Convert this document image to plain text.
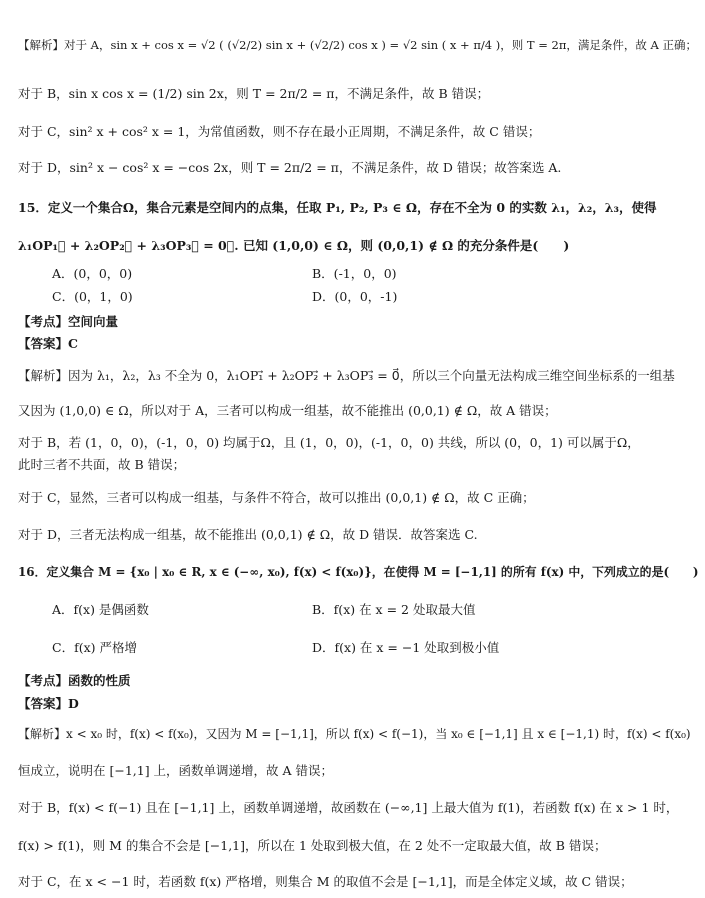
【解析】对于 A，sin x + cos x = √2 ( (√2/2) sin x + (√2/2) cos x ) = √2 sin ( x + π/4 )，则 T = 2π，满足条件，故 A 正确；
对于 B，sin x cos x = (1/2) sin 2x，则 T = 2π/2 = π，不满足条件，故 B 错误；
对于 C，sin² x + cos² x = 1，为常值函数，则不存在最小正周期，不满足条件，故 C 错误；
对于 D，sin² x − cos² x = −cos 2x，则 T = 2π/2 = π，不满足条件，故 D 错误；故答案选 A.
15．定义一个集合Ω，集合元素是空间内的点集，任取 P₁, P₂, P₃ ∈ Ω，存在不全为 0 的实数 λ₁，λ₂，λ₃，使得
λ₁OP₁⃗ + λ₂OP₂⃗ + λ₃OP₃⃗ = 0⃗. 已知 (1,0,0) ∈ Ω，则 (0,0,1) ∉ Ω 的充分条件是(　　)
A．(0，0，0)	B．(-1，0，0)
C．(0，1，0)	D．(0，0，-1)
【考点】空间向量
【答案】C
【解析】因为 λ₁，λ₂，λ₃ 不全为 0，λ₁OP₁⃗ + λ₂OP₂⃗ + λ₃OP₃⃗ = 0⃗，所以三个向量无法构成三维空间坐标系的一组基
又因为 (1,0,0) ∈ Ω，所以对于 A，三者可以构成一组基，故不能推出 (0,0,1) ∉ Ω，故 A 错误；
对于 B，若 (1，0，0)，(-1，0，0) 均属于Ω，且 (1，0，0)，(-1，0，0) 共线，所以 (0，0，1) 可以属于Ω，
此时三者不共面，故 B 错误；
对于 C，显然，三者可以构成一组基，与条件不符合，故可以推出 (0,0,1) ∉ Ω，故 C 正确；
对于 D，三者无法构成一组基，故不能推出 (0,0,1) ∉ Ω，故 D 错误．故答案选 C.
16．定义集合 M = {x₀ | x₀ ∈ R, x ∈ (−∞, x₀), f(x) < f(x₀)}，在使得 M = [−1,1] 的所有 f(x) 中，下列成立的是(　　)
A．f(x) 是偶函数	B．f(x) 在 x = 2 处取最大值
C．f(x) 严格增	D．f(x) 在 x = −1 处取到极小值
【考点】函数的性质
【答案】D
【解析】x < x₀ 时，f(x) < f(x₀)，又因为 M = [−1,1]，所以 f(x) < f(−1)，当 x₀ ∈ [−1,1] 且 x ∈ [−1,1) 时，f(x) < f(x₀)
恒成立，说明在 [−1,1] 上，函数单调递增，故 A 错误；
对于 B，f(x) < f(−1) 且在 [−1,1] 上，函数单调递增，故函数在 (−∞,1] 上最大值为 f(1)，若函数 f(x) 在 x > 1 时，
f(x) > f(1)，则 M 的集合不会是 [−1,1]，所以在 1 处取到极大值，在 2 处不一定取最大值，故 B 错误；
对于 C，在 x < −1 时，若函数 f(x) 严格增，则集合 M 的取值不会是 [−1,1]，而是全体定义域，故 C 错误；
